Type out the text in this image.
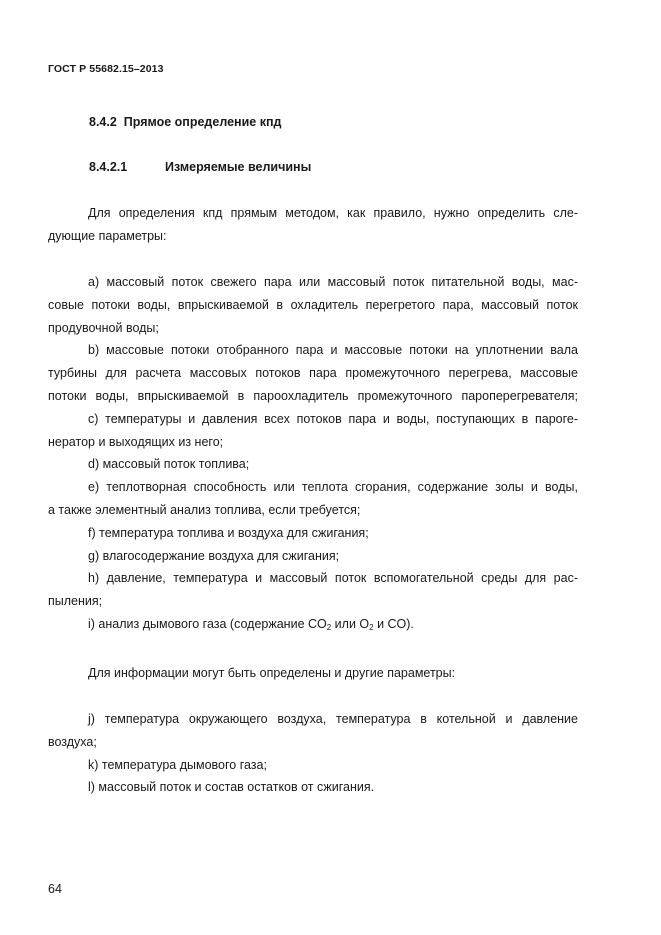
ГОСТ Р 55682.15–2013
8.4.2 Прямое определение кпд
8.4.2.1	Измеряемые величины
Для определения кпд прямым методом, как правило, нужно определить сле-
дующие параметры:
a) массовый поток свежего пара или массовый поток питательной воды, мас-
совые потоки воды, впрыскиваемой в охладитель перегретого пара, массовый поток
продувочной воды;
b) массовые потоки отобранного пара и массовые потоки на уплотнении вала
турбины для расчета массовых потоков пара промежуточного перегрева, массовые
потоки воды, впрыскиваемой в пароохладитель промежуточного пароперегревателя;
c) температуры и давления всех потоков пара и воды, поступающих в парoге-
нератор и выходящих из него;
d) массовый поток топлива;
e) теплотворная способность или теплота сгорания, содержание золы и воды,
а также элементный анализ топлива, если требуется;
f) температура топлива и воздуха для сжигания;
g) влагосодержание воздуха для сжигания;
h) давление, температура и массовый поток вспомогательной среды для рас-
пыления;
i) анализ дымового газа (содержание $CO_2$ или $O_2$ и CO).
Для информации могут быть определены и другие параметры:
j) температура окружающего воздуха, температура в котельной и давление
воздуха;
k) температура дымового газа;
l) массовый поток и состав остатков от сжигания.
64
